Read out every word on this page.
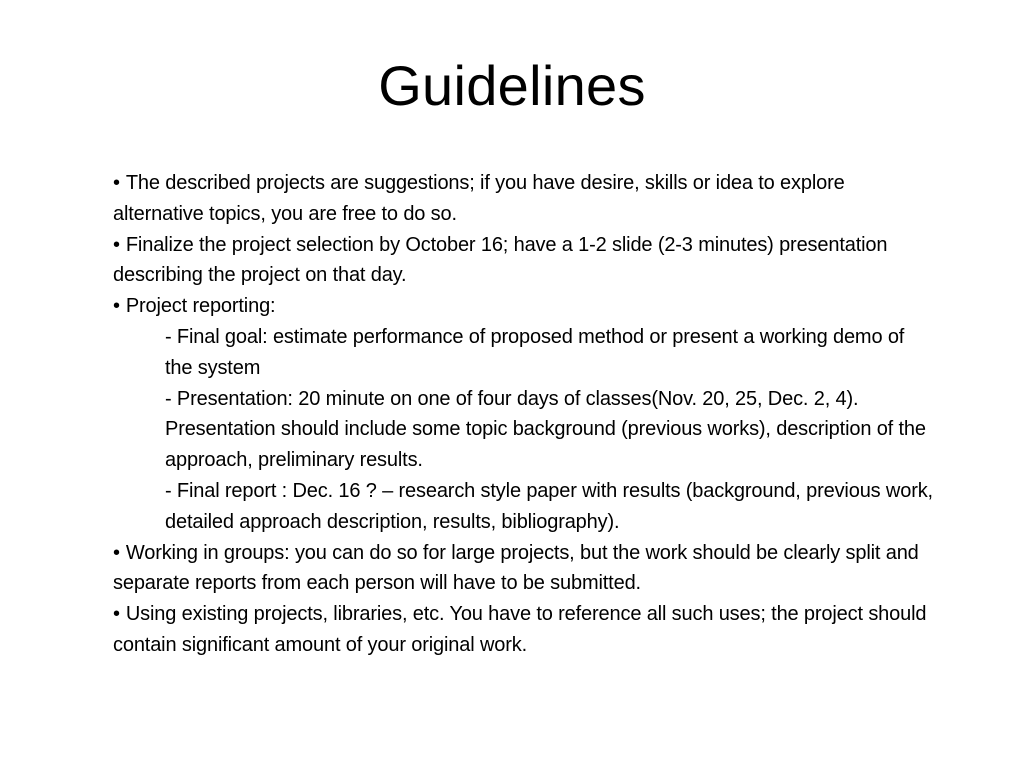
Guidelines

• The described projects are suggestions; if you have desire, skills or idea to explore alternative topics, you are free to do so.

• Finalize the project selection by October 16; have a 1-2 slide (2-3 minutes) presentation describing the project on that day.

• Project reporting:

- Final goal: estimate performance of proposed method or present a working demo of the system

- Presentation: 20 minute on one of four days of classes(Nov. 20, 25, Dec. 2, 4). Presentation should include some topic background (previous works), description of the approach, preliminary results.

- Final report : Dec. 16 ? – research style paper with results (background, previous work, detailed approach description, results, bibliography).

• Working in groups: you can do so for large projects, but the work should be clearly split and separate reports from each person will have to be submitted.

• Using existing projects, libraries, etc. You have to reference all such uses; the project should contain significant amount of your original work.
